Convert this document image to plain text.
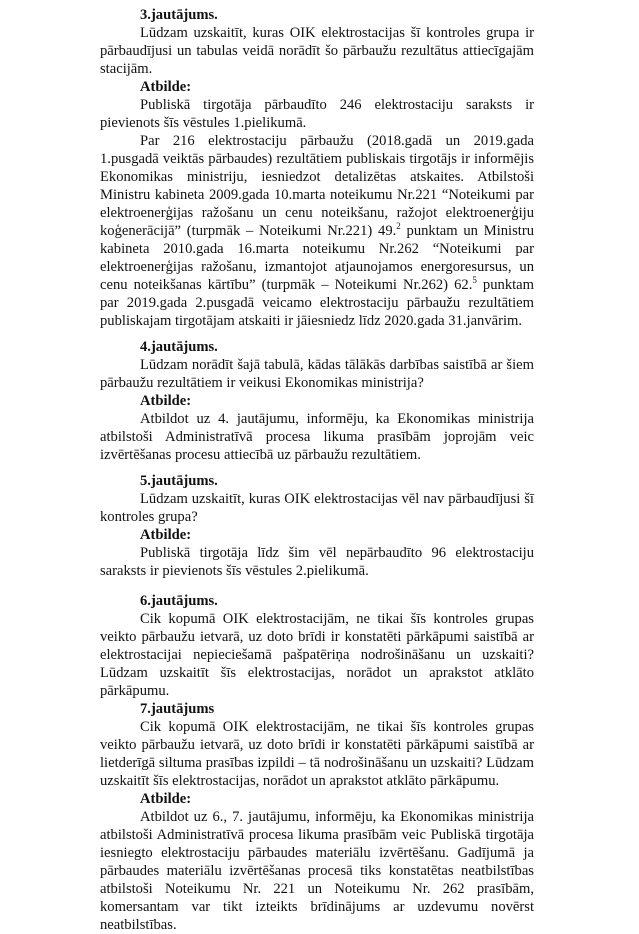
3.jautājums.

Lūdzam uzskaitīt, kuras OIK elektrostacijas šī kontroles grupa ir pārbaudījusi un tabulas veidā norādīt šo pārbaužu rezultātus attiecīgajām stacijām.

Atbilde:

Publiskā tirgotāja pārbaudīto 246 elektrostaciju saraksts ir pievienots šīs vēstules 1.pielikumā.

Par 216 elektrostaciju pārbaužu (2018.gadā un 2019.gada 1.pusgadā veiktās pārbaudes) rezultātiem publiskais tirgotājs ir informējis Ekonomikas ministriju, iesniedzot detalizētas atskaites. Atbilstoši Ministru kabineta 2009.gada 10.marta noteikumu Nr.221 “Noteikumi par elektroenerģijas ražošanu un cenu noteikšanu, ražojot elektroenerģiju koģenerācijā” (turpmāk – Noteikumi Nr.221) 49.$^2$ punktam un Ministru kabineta 2010.gada 16.marta noteikumu Nr.262 “Noteikumi par elektroenerģijas ražošanu, izmantojot atjaunojamos energoresursus, un cenu noteikšanas kārtību” (turpmāk – Noteikumi Nr.262) 62.$^5$ punktam par 2019.gada 2.pusgadā veicamo elektrostaciju pārbaužu rezultātiem publiskajam tirgotājam atskaiti ir jāiesniedz līdz 2020.gada 31.janvārim.

4.jautājums.

Lūdzam norādīt šajā tabulā, kādas tālākās darbības saistībā ar šiem pārbaužu rezultātiem ir veikusi Ekonomikas ministrija?

Atbilde:

Atbildot uz 4. jautājumu, informēju, ka Ekonomikas ministrija atbilstoši Administratīvā procesa likuma prasībām joprojām veic izvērtēšanas procesu attiecībā uz pārbaužu rezultātiem.

5.jautājums.

Lūdzam uzskaitīt, kuras OIK elektrostacijas vēl nav pārbaudījusi šī kontroles grupa?

Atbilde:

Publiskā tirgotāja līdz šim vēl nepārbaudīto 96 elektrostaciju saraksts ir pievienots šīs vēstules 2.pielikumā.

6.jautājums.

Cik kopumā OIK elektrostacijām, ne tikai šīs kontroles grupas veikto pārbaužu ietvarā, uz doto brīdi ir konstatēti pārkāpumi saistībā ar elektrostacijai nepieciešamā pašpatēriņa nodrošināšanu un uzskaiti? Lūdzam uzskaitīt šīs elektrostacijas, norādot un aprakstot atklāto pārkāpumu.

7.jautājums

Cik kopumā OIK elektrostacijām, ne tikai šīs kontroles grupas veikto pārbaužu ietvarā, uz doto brīdi ir konstatēti pārkāpumi saistībā ar lietderīgā siltuma prasības izpildi – tā nodrošināšanu un uzskaiti? Lūdzam uzskaitīt šīs elektrostacijas, norādot un aprakstot atklāto pārkāpumu.

Atbilde:

Atbildot uz 6., 7. jautājumu, informēju, ka Ekonomikas ministrija atbilstoši Administratīvā procesa likuma prasībām veic Publiskā tirgotāja iesniegto elektrostaciju pārbaudes materiālu izvērtēšanu. Gadījumā ja pārbaudes materiālu izvērtēšanas procesā tiks konstatētas neatbilstības atbilstoši Noteikumu Nr. 221 un Noteikumu Nr. 262 prasībām, komersantam var tikt izteikts brīdinājums ar uzdevumu novērst neatbilstības.
